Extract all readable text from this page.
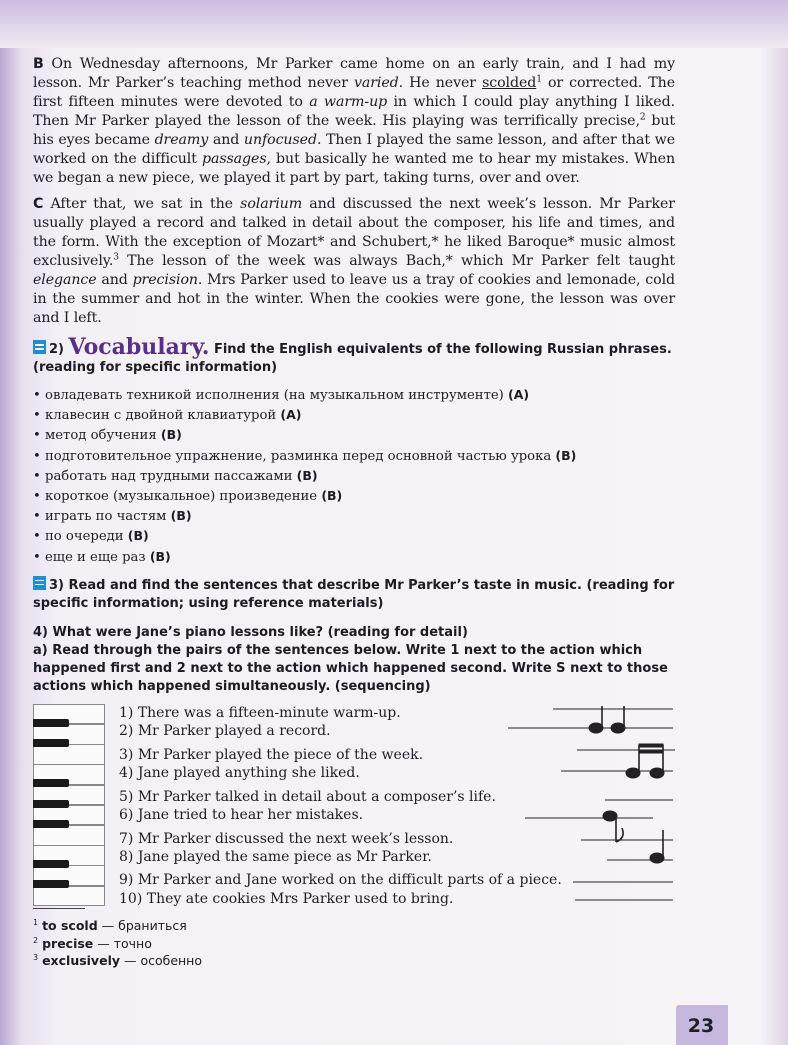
B On Wednesday afternoons, Mr Parker came home on an early train, and I had my lesson. Mr Parker’s teaching method never varied. He never scolded$^1$ or corrected. The first fifteen minutes were devoted to a warm-up in which I could play anything I liked. Then Mr Parker played the lesson of the week. His playing was terrifically precise,$^2$ but his eyes became dreamy and unfocused. Then I played the same lesson, and after that we worked on the difficult passages, but basically he wanted me to hear my mistakes. When we began a new piece, we played it part by part, taking turns, over and over.

C After that, we sat in the solarium and discussed the next week’s lesson. Mr Parker usually played a record and talked in detail about the composer, his life and times, and the form. With the exception of Mozart* and Schubert,* he liked Baroque* music almost exclusively.$^3$ The lesson of the week was always Bach,* which Mr Parker felt taught elegance and precision. Mrs Parker used to leave us a tray of cookies and lemonade, cold in the summer and hot in the winter. When the cookies were gone, the lesson was over and I left.

2) Vocabulary. Find the English equivalents of the following Russian phrases. (reading for specific information)

• овладевать техникой исполнения (на музыкальном инструменте) (A)
• клавесин с двойной клавиатурой (A)
• метод обучения (B)
• подготовительное упражнение, разминка перед основной частью урока (B)
• работать над трудными пассажами (B)
• короткое (музыкальное) произведение (B)
• играть по частям (B)
• по очереди (B)
• еще и еще раз (B)

3) Read and find the sentences that describe Mr Parker’s taste in music. (reading for specific information; using reference materials)

4) What were Jane’s piano lessons like? (reading for detail)

a) Read through the pairs of the sentences below. Write 1 next to the action which happened first and 2 next to the action which happened second. Write S next to those actions which happened simultaneously. (sequencing)

1) There was a fifteen-minute warm-up.
2) Mr Parker played a record.
3) Mr Parker played the piece of the week.
4) Jane played anything she liked.
5) Mr Parker talked in detail about a composer’s life.
6) Jane tried to hear her mistakes.
7) Mr Parker discussed the next week’s lesson.
8) Jane played the same piece as Mr Parker.
9) Mr Parker and Jane worked on the difficult parts of a piece.
10) They ate cookies Mrs Parker used to bring.
$^1$ to scold — браниться
$^2$ precise — точно
$^3$ exclusively — особенно
23
